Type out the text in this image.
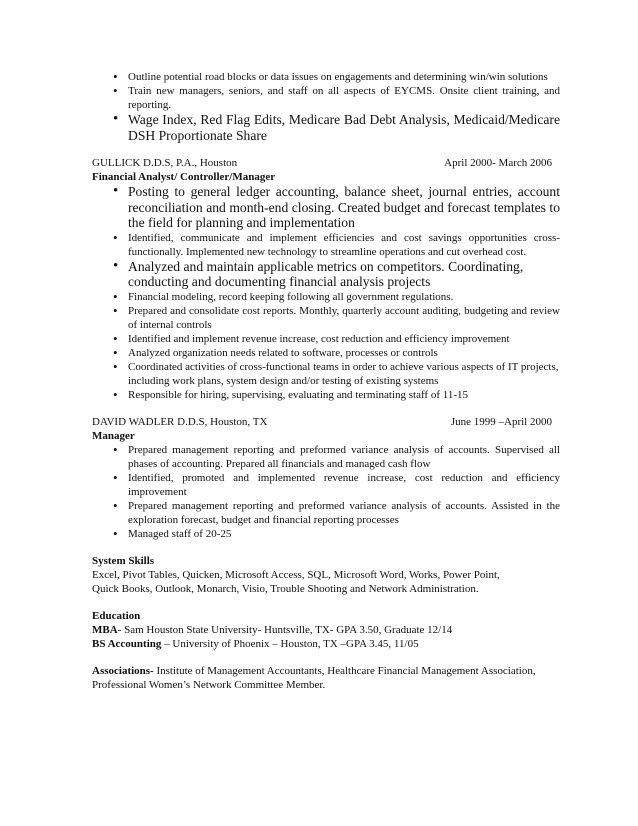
• Outline potential road blocks or data issues on engagements and determining win/win solutions
• Train new managers, seniors, and staff on all aspects of EYCMS. Onsite client training, and reporting.
• Wage Index, Red Flag Edits, Medicare Bad Debt Analysis, Medicaid/Medicare DSH Proportionate Share
GULLICK D.D.S, P.A., Houston	April 2000- March 2006
Financial Analyst/ Controller/Manager
• Posting to general ledger accounting, balance sheet, journal entries, account reconciliation and month-end closing. Created budget and forecast templates to the field for planning and implementation
• Identified, communicate and implement efficiencies and cost savings opportunities cross-functionally. Implemented new technology to streamline operations and cut overhead cost.
• Analyzed and maintain applicable metrics on competitors. Coordinating, conducting and documenting financial analysis projects
• Financial modeling, record keeping following all government regulations.
• Prepared and consolidate cost reports. Monthly, quarterly account auditing, budgeting and review of internal controls
• Identified and implement revenue increase, cost reduction and efficiency improvement
• Analyzed organization needs related to software, processes or controls
• Coordinated activities of cross-functional teams in order to achieve various aspects of IT projects, including work plans, system design and/or testing of existing systems
• Responsible for hiring, supervising, evaluating and terminating staff of 11-15
DAVID WADLER D.D.S, Houston, TX	June 1999 –April 2000
Manager
• Prepared management reporting and preformed variance analysis of accounts. Supervised all phases of accounting. Prepared all financials and managed cash flow
• Identified, promoted and implemented revenue increase, cost reduction and efficiency improvement
• Prepared management reporting and preformed variance analysis of accounts. Assisted in the exploration forecast, budget and financial reporting processes
• Managed staff of 20-25
System Skills
Excel, Pivot Tables, Quicken, Microsoft Access, SQL, Microsoft Word, Works, Power Point,
Quick Books, Outlook, Monarch, Visio, Trouble Shooting and Network Administration.
Education

MBA- Sam Houston State University- Huntsville, TX- GPA 3.50, Graduate 12/14

BS Accounting – University of Phoenix – Houston, TX –GPA 3.45, 11/05

Associations- Institute of Management Accountants, Healthcare Financial Management Association, Professional Women’s Network Committee Member.
